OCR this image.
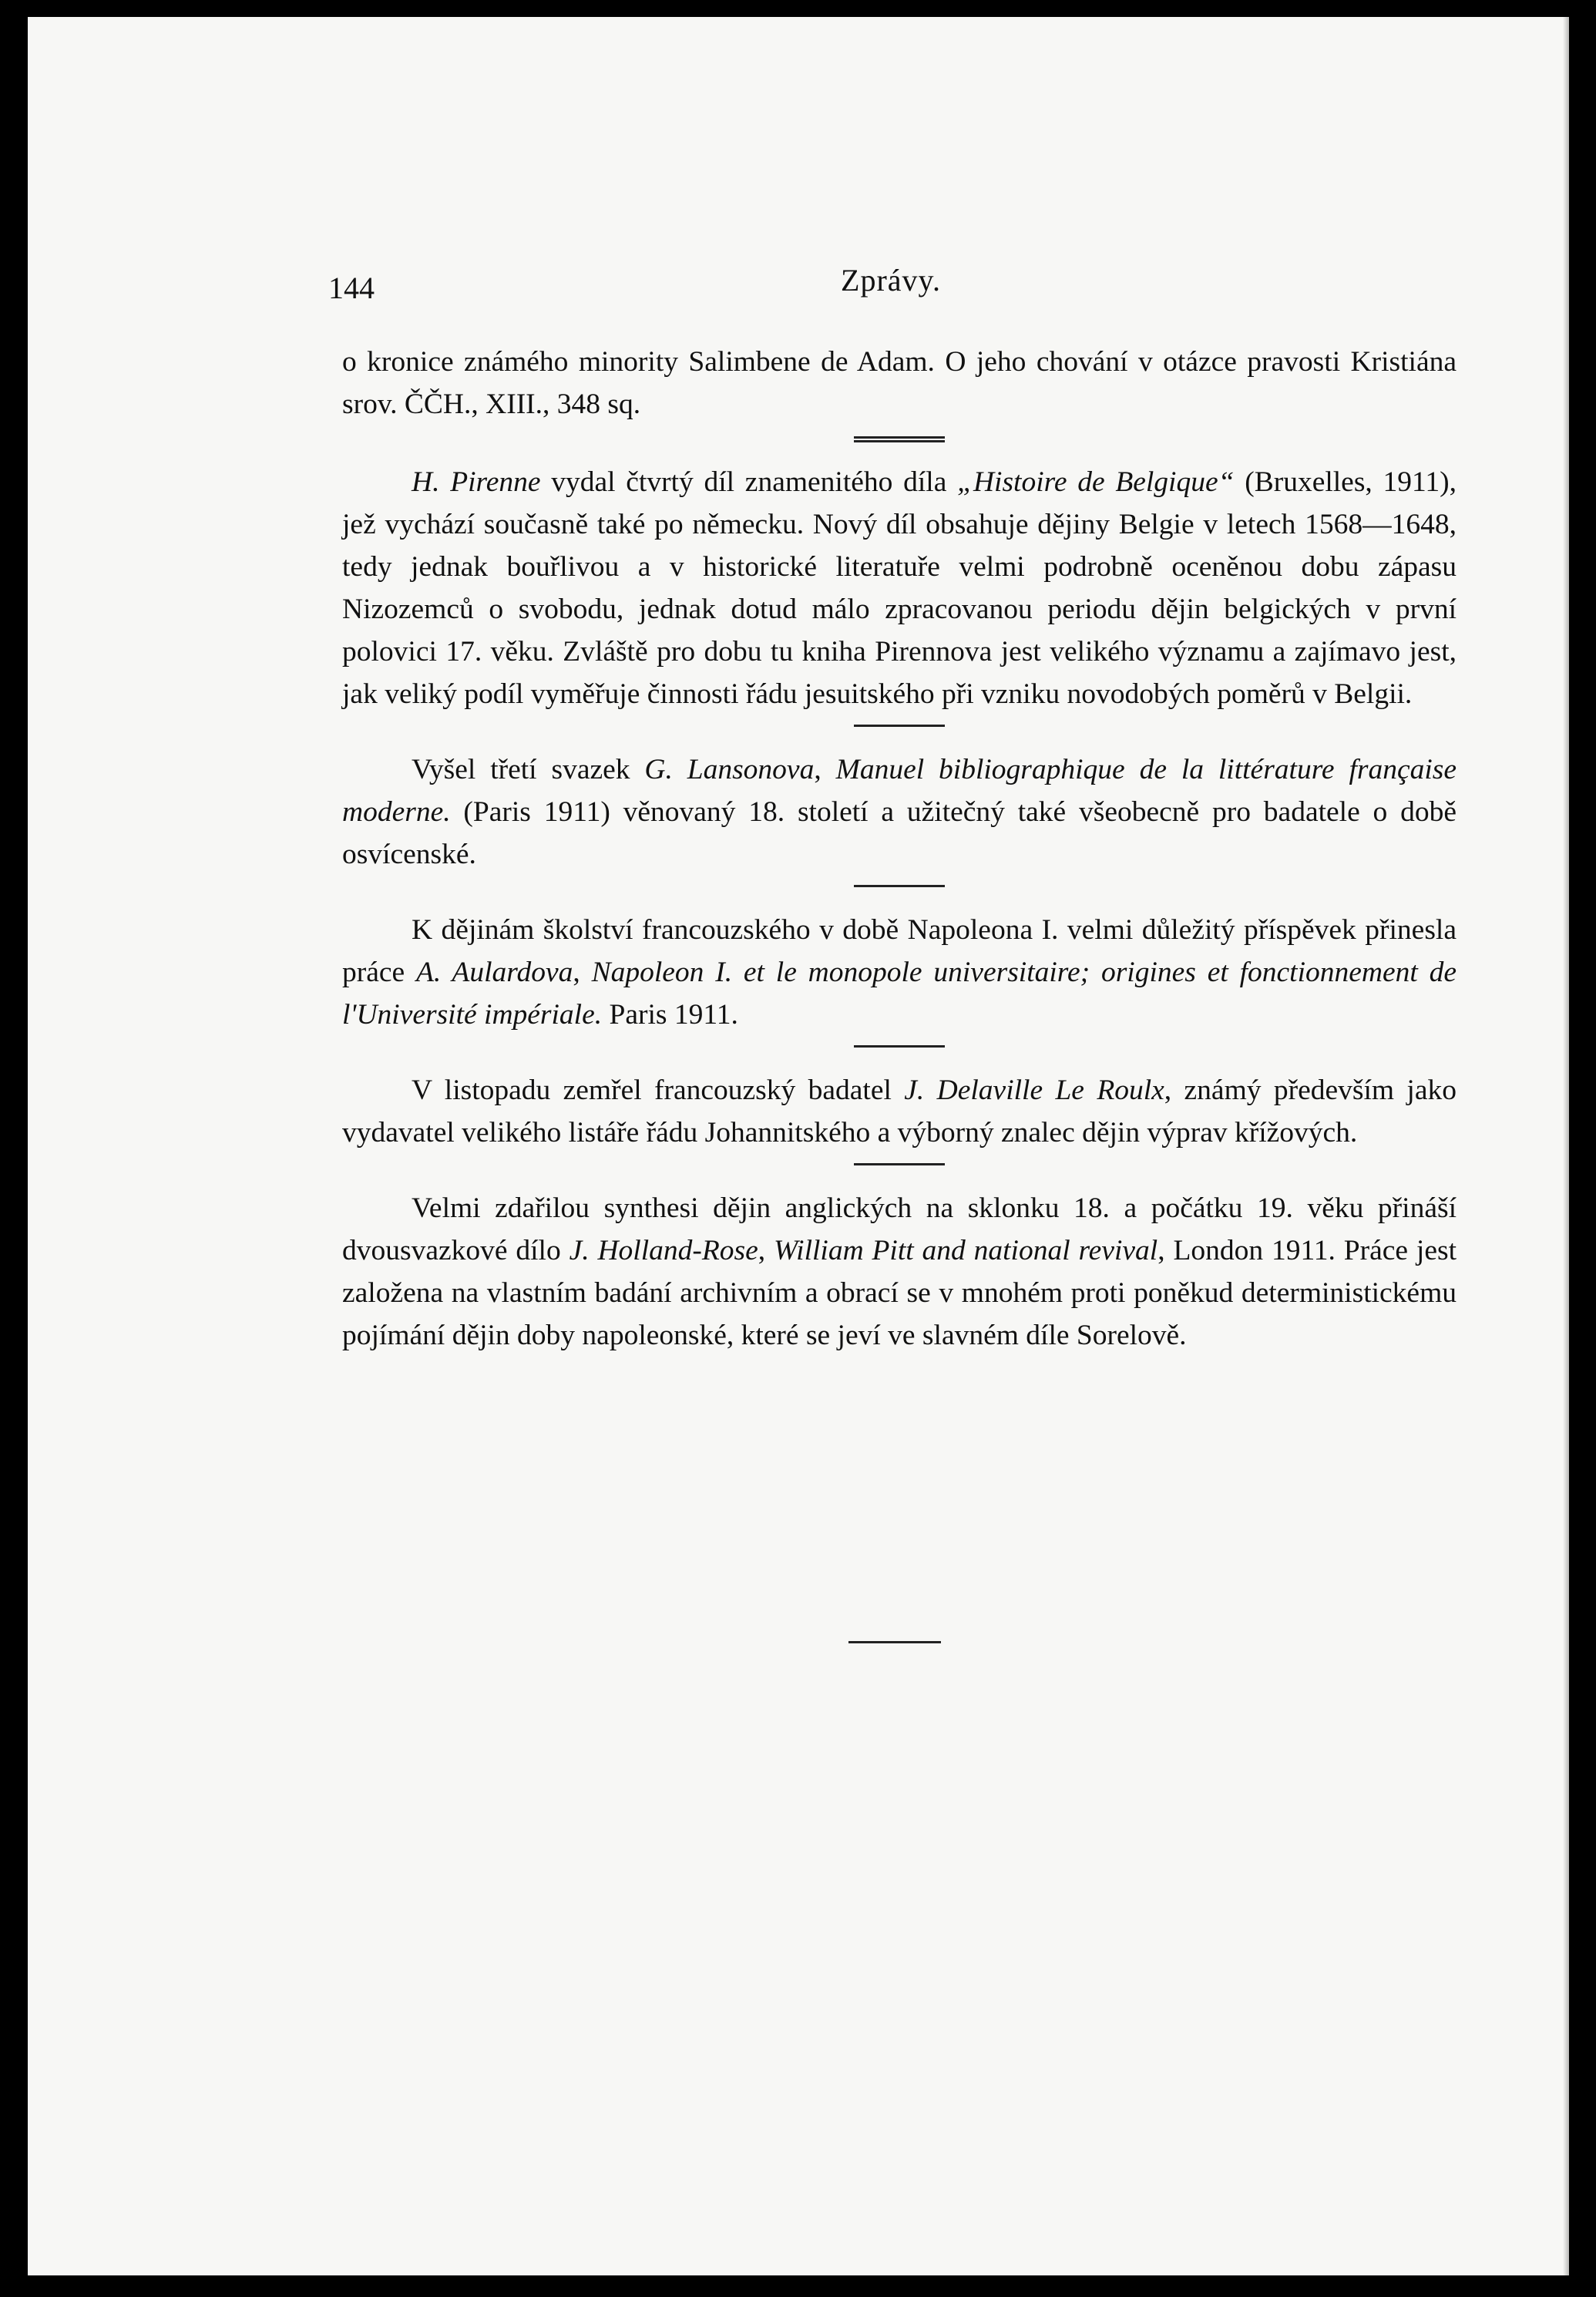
144	Zprávy.

o kronice známého minority Salimbene de Adam. O jeho chování v otázce pravosti Kristiána srov. ČČH., XIII., 348 sq.

H. Pirenne vydal čtvrtý díl znamenitého díla „Histoire de Belgique“ (Bruxelles, 1911), jež vychází současně také po německu. Nový díl obsahuje dějiny Belgie v letech 1568—1648, tedy jednak bouřlivou a v historické literatuře velmi podrobně oceněnou dobu zápasu Nizozemců o svobodu, jednak dotud málo zpracovanou periodu dějin belgických v první polovici 17. věku. Zvláště pro dobu tu kniha Pirennova jest velikého významu a zajímavo jest, jak veliký podíl vyměřuje činnosti řádu jesuitského při vzniku novodobých poměrů v Belgii.

Vyšel třetí svazek G. Lansonova, Manuel bibliographique de la littérature française moderne. (Paris 1911) věnovaný 18. století a užitečný také všeobecně pro badatele o době osvícenské.

K dějinám školství francouzského v době Napoleona I. velmi důležitý příspěvek přinesla práce A. Aulardova, Napoleon I. et le monopole universitaire; origines et fonctionnement de l'Université impériale. Paris 1911.

V listopadu zemřel francouzský badatel J. Delaville Le Roulx, známý především jako vydavatel velikého listáře řádu Johannitského a výborný znalec dějin výprav křížových.

Velmi zdařilou synthesi dějin anglických na sklonku 18. a počátku 19. věku přináší dvousvazkové dílo J. Holland-Rose, William Pitt and national revival, London 1911. Práce jest založena na vlastním badání archivním a obrací se v mnohém proti poněkud deterministickému pojímání dějin doby napoleonské, které se jeví ve slavném díle Sorelově.
